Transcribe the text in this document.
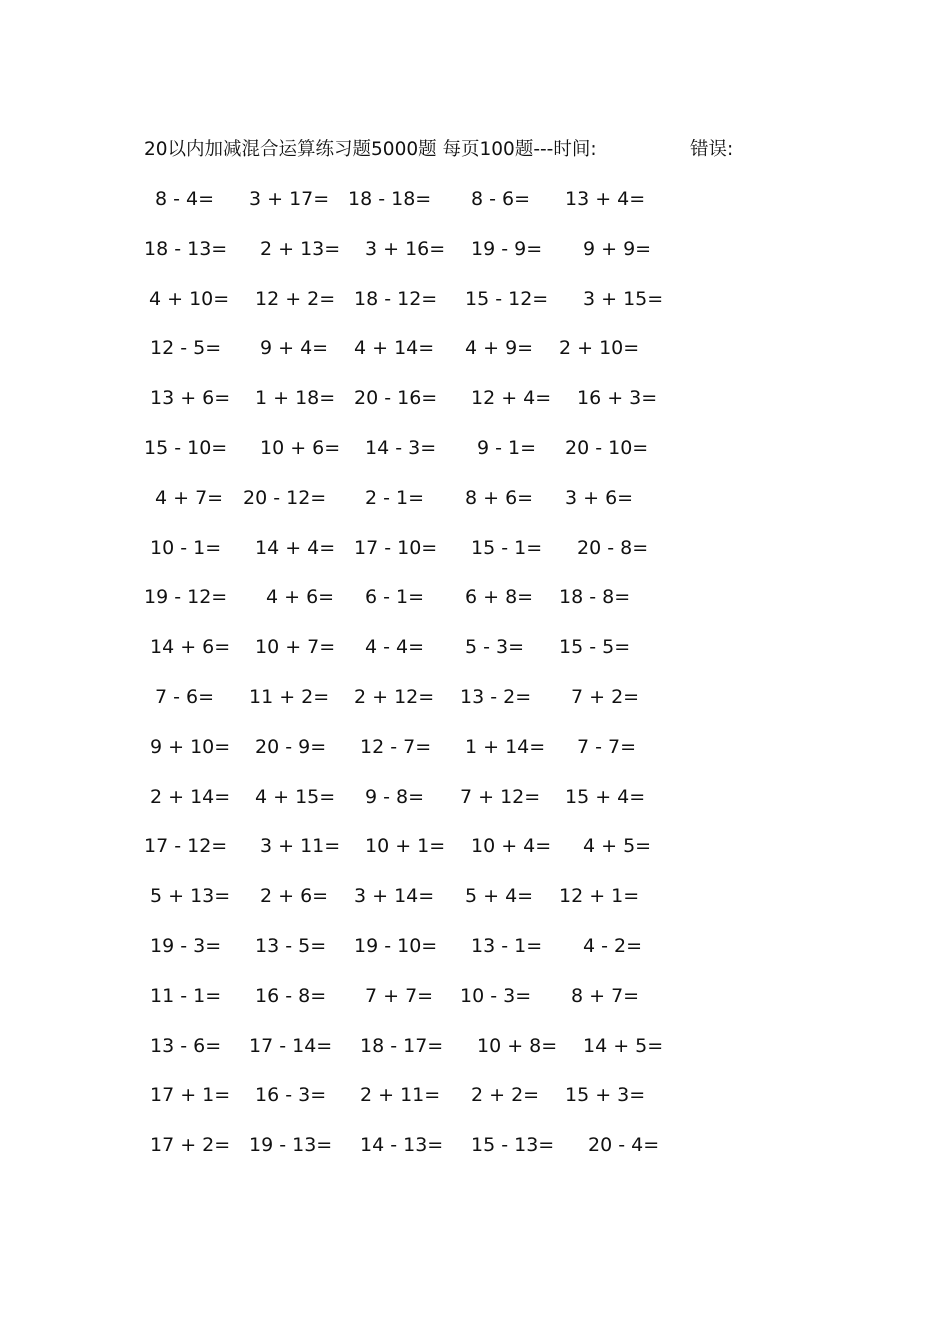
20以内加减混合运算练习题5000题 每页100题---时间:	错误:
8 - 4= 3 + 17= 18 - 18= 8 - 6= 13 + 4=
18 - 13= 2 + 13= 3 + 16= 19 - 9= 9 + 9=
4 + 10= 12 + 2= 18 - 12= 15 - 12= 3 + 15=
12 - 5= 9 + 4= 4 + 14= 4 + 9= 2 + 10=
13 + 6= 1 + 18= 20 - 16= 12 + 4= 16 + 3=
15 - 10= 10 + 6= 14 - 3= 9 - 1= 20 - 10=
4 + 7= 20 - 12= 2 - 1= 8 + 6= 3 + 6=
10 - 1= 14 + 4= 17 - 10= 15 - 1= 20 - 8=
19 - 12= 4 + 6= 6 - 1= 6 + 8= 18 - 8=
14 + 6= 10 + 7= 4 - 4= 5 - 3= 15 - 5=
7 - 6= 11 + 2= 2 + 12= 13 - 2= 7 + 2=
9 + 10= 20 - 9= 12 - 7= 1 + 14= 7 - 7=
2 + 14= 4 + 15= 9 - 8= 7 + 12= 15 + 4=
17 - 12= 3 + 11= 10 + 1= 10 + 4= 4 + 5=
5 + 13= 2 + 6= 3 + 14= 5 + 4= 12 + 1=
19 - 3= 13 - 5= 19 - 10= 13 - 1= 4 - 2=
11 - 1= 16 - 8= 7 + 7= 10 - 3= 8 + 7=
13 - 6= 17 - 14= 18 - 17= 10 + 8= 14 + 5=
17 + 1= 16 - 3= 2 + 11= 2 + 2= 15 + 3=
17 + 2= 19 - 13= 14 - 13= 15 - 13= 20 - 4=
